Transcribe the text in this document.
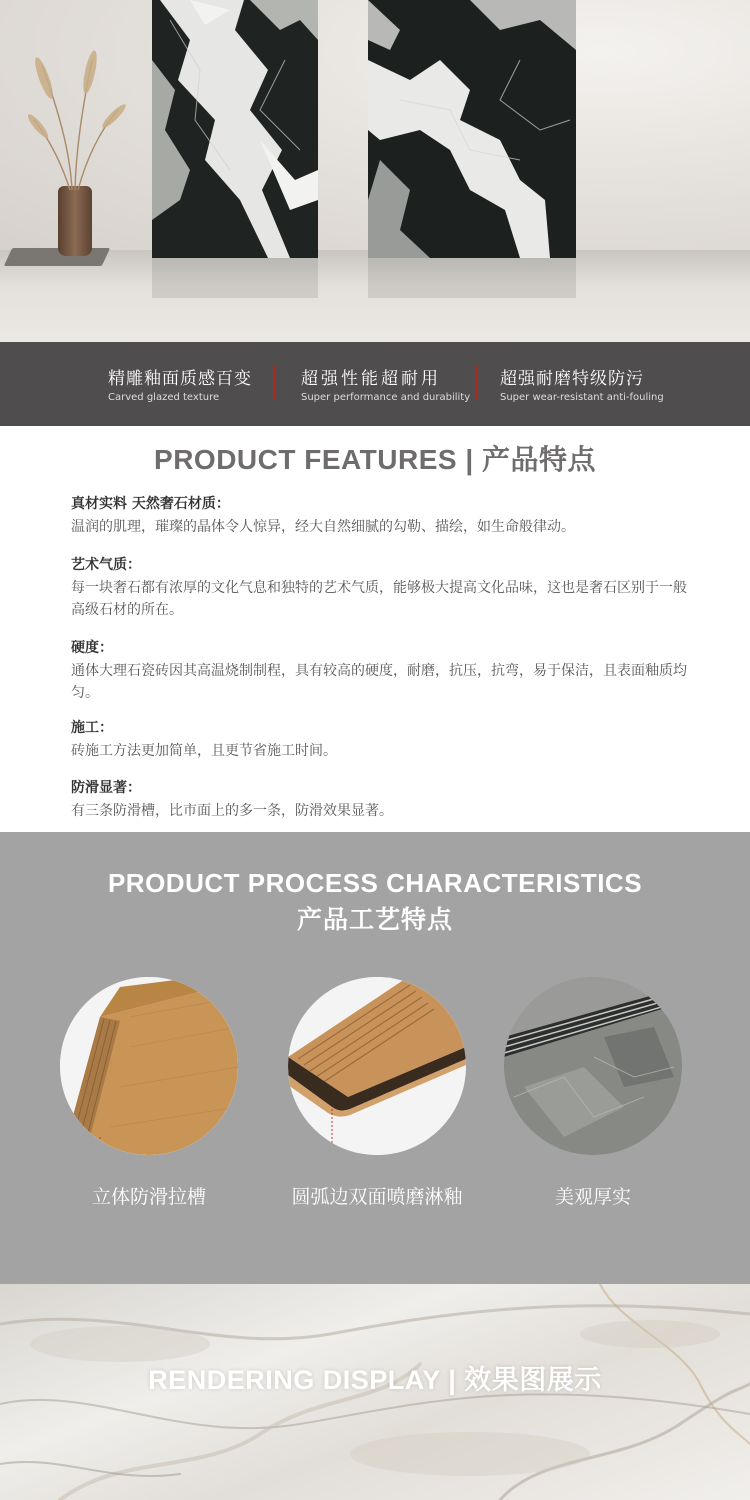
精雕釉面质感百变
Carved glazed texture
超强性能超耐用
Super performance and durability
超强耐磨特级防污
Super wear-resistant anti-fouling
PRODUCT FEATURES | 产品特点
真材实料 天然奢石材质：
温润的肌理，璀璨的晶体令人惊异，经大自然细腻的勾勒、描绘，如生命般律动。
艺术气质：
每一块奢石都有浓厚的文化气息和独特的艺术气质，能够极大提高文化品味，这也是奢石区别于一般高级石材的所在。
硬度：
通体大理石瓷砖因其高温烧制制程，具有较高的硬度，耐磨，抗压，抗弯，易于保洁，且表面釉质均匀。
施工：
砖施工方法更加简单，且更节省施工时间。
防滑显著：
有三条防滑槽，比市面上的多一条，防滑效果显著。
PRODUCT PROCESS CHARACTERISTICS
产品工艺特点
立体防滑拉槽	圆弧边双面喷磨淋釉	美观厚实
RENDERING DISPLAY | 效果图展示
